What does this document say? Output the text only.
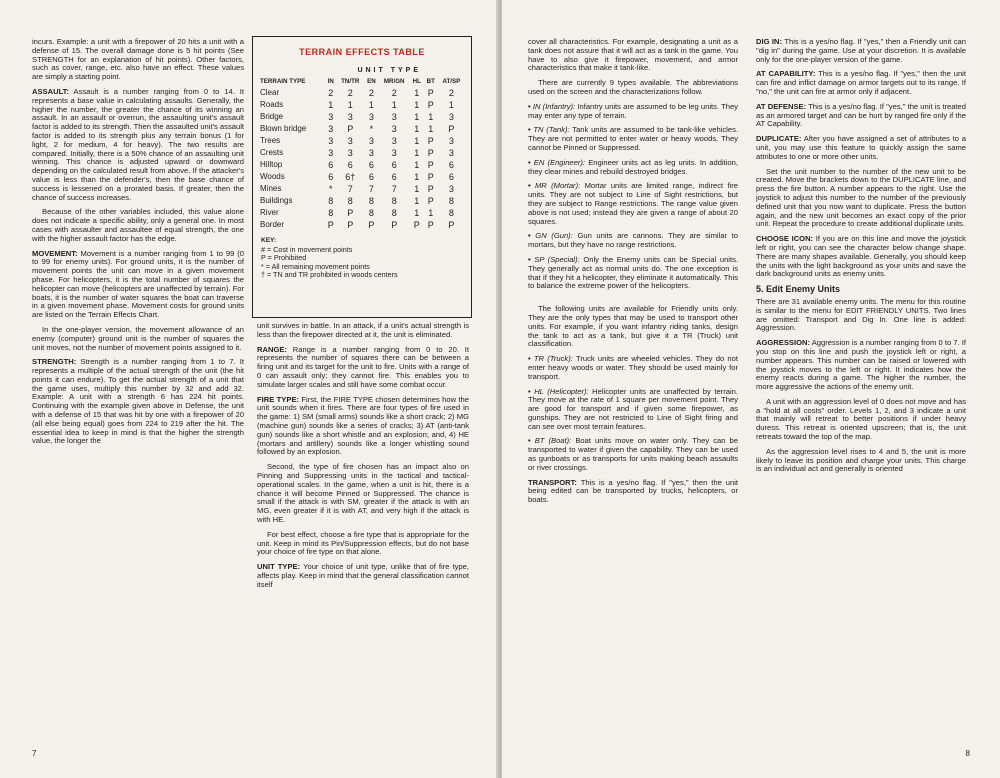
incurs. Example: a unit with a firepower of 20 hits a unit with a defense of 15. The overall damage done is 5 hit points (See STRENGTH for an explanation of hit points). Other factors, such as cover, range, etc. also have an effect. These values are simply a starting point.

ASSAULT: Assault is a number ranging from 0 to 14. It represents a base value in calculating assaults. Generally, the higher the number, the greater the chance of its winning an assault. In an assault or overrun, the assaulting unit's assault factor is added to its strength. Then the assaulted unit's assault factor is added to its strength plus any terrain bonus (1 for light, 2 for medium, 4 for heavy). The two results are compared. Initially, there is a 50% chance of an assaulting unit winning. This chance is adjusted upward or downward depending on the calculated result from above. If the attacker's value is less than the defender's, then the base chance of success is lessened on a prorated basis. If greater, then the chance of success increases.

Because of the other variables included, this value alone does not indicate a specific ability, only a general one. In most cases with assaulter and assaultee of equal strength, the one with the higher assault factor has the edge.

MOVEMENT: Movement is a number ranging from 1 to 99 (0 to 99 for enemy units). For ground units, it is the number of movement points the unit can move in a given movement phase. For helicopters, it is the total number of squares the helicopter can move (helicopters are unaffected by terrain). For boats, it is the number of water squares the boat can traverse in a given movement phase. Movement costs for ground units are listed on the Terrain Effects Chart.

In the one-player version, the movement allowance of an enemy (computer) ground unit is the number of squares the unit moves, not the number of movement points assigned to it.

STRENGTH: Strength is a number ranging from 1 to 7. It represents a multiple of the actual strength of the unit (the hit points it can endure). To get the actual strength of a unit that the game uses, multiply this number by 32 and add 32. Example: A unit with a strength 6 has 224 hit points. Continuing with the example given above in Defense, the unit with a defense of 15 that was hit by one with a firepower of 20 (all else being equal) goes from 224 to 219 after the hit. The essential idea to keep in mind is that the higher the strength value, the longer the

TERRAIN EFFECTS TABLE
UNIT TYPE
TERRAIN TYPE	IN	TN/TR	EN	MR/GN	HL	BT	AT/SP
Clear	2	2	2	2	1	P	2
Roads	1	1	1	1	1	P	1
Bridge	3	3	3	3	1	1	3
Blown bridge	3	P	*	3	1	1	P
Trees	3	3	3	3	1	P	3
Crests	3	3	3	3	1	P	3
Hilltop	6	6	6	6	1	P	6
Woods	6	6†	6	6	1	P	6
Mines	*	7	7	7	1	P	3
Buildings	8	8	8	8	1	P	8
River	8	P	8	8	1	1	8
Border	P	P	P	P	P	P	P
KEY:
# = Cost in movement points
P = Prohibited
* = All remaining movement points
† = TN and TR prohibited in woods centers

unit survives in battle. In an attack, if a unit's actual strength is less than the firepower directed at it, the unit is eliminated.

RANGE: Range is a number ranging from 0 to 20. It represents the number of squares there can be between a firing unit and its target for the unit to fire. Units with a range of 0 can assault only; they cannot fire. This enables you to simulate larger scales and still have some combat occur.

FIRE TYPE: First, the FIRE TYPE chosen determines how the unit sounds when it fires. There are four types of fire used in the game: 1) SM (small arms) sounds like a short crack; 2) MG (machine gun) sounds like a series of cracks; 3) AT (anti-tank gun) sounds like a short whistle and an explosion; and, 4) HE (mortars and artillery) sounds like a longer whistling sound followed by an explosion.

Second, the type of fire chosen has an impact also on Pinning and Suppressing units in the tactical and tactical-operational scales. In the game, when a unit is hit, there is a chance it will become Pinned or Suppressed. The chance is small if the attack is with SM, greater if the attack is with an MG, even greater if it is with AT, and very high if the attack is with HE.

For best effect, choose a fire type that is appropriate for the unit. Keep in mind its Pin/Suppression effects, but do not base your choice of fire type on that alone.

UNIT TYPE: Your choice of unit type, unlike that of fire type, affects play. Keep in mind that the general classification cannot itself

7

cover all characteristics. For example, designating a unit as a tank does not assure that it will act as a tank in the game. You have to also give it firepower, movement, and armor characteristics that make it tank-like.

There are currently 9 types available. The abbreviations used on the screen and the characterizations follow.

• IN (Infantry): Infantry units are assumed to be leg units. They may enter any type of terrain.

• TN (Tank): Tank units are assumed to be tank-like vehicles. They are not permitted to enter water or heavy woods. They cannot be Pinned or Suppressed.

• EN (Engineer): Engineer units act as leg units. In addition, they clear mines and rebuild destroyed bridges.

• MR (Mortar): Mortar units are limited range, indirect fire units. They are not subject to Line of Sight restrictions, but they are subject to Range restrictions. The range value given above is not used; instead they are given a range of about 20 squares.

• GN (Gun): Gun units are cannons. They are similar to mortars, but they have no range restrictions.

• SP (Special): Only the Enemy units can be Special units. They generally act as normal units do. The one exception is that if they hit a helicopter, they eliminate it automatically. This to balance the extreme power of the helicopters.

The following units are available for Friendly units only. They are the only types that may be used to transport other units. For example, if you want infantry riding tanks, design the tank to act as a tank, but give it a TR (Truck) unit classification.

• TR (Truck): Truck units are wheeled vehicles. They do not enter heavy woods or water. They should be used mainly for transport.

• HL (Helicopter): Helicopter units are unaffected by terrain. They move at the rate of 1 square per movement point. They are good for transport and if given some firepower, as gunships. They are not restricted to Line of Sight firing and can see over most terrain features.

• BT (Boat): Boat units move on water only. They can be transported to water if given the capability. They can be used as gunboats or as transports for units making beach assaults or river crossings.

TRANSPORT: This is a yes/no flag. If "yes," then the unit being edited can be transported by trucks, helicopters, or boats.

DIG IN: This is a yes/no flag. If "yes," then a Friendly unit can "dig in" during the game. Use at your discretion. It is available only for the one-player version of the game.

AT CAPABILITY: This is a yes/no flag. If "yes," then the unit can fire and inflict damage on armor targets out to its range. If "no," the unit can fire at armor only if adjacent.

AT DEFENSE: This is a yes/no flag. If "yes," the unit is treated as an armored target and can be hurt by ranged fire only if the AT Capability.

DUPLICATE: After you have assigned a set of attributes to a unit, you may use this feature to quickly assign the same attributes to one or more other units.

Set the unit number to the number of the new unit to be created. Move the brackets down to the DUPLICATE line, and press the fire button. A number appears to the right. Use the joystick to adjust this number to the number of the previously defined unit that you now want to duplicate. Press the button again, and the new unit becomes an exact copy of the prior unit. Repeat the procedure to create additional duplicate units.

CHOOSE ICON: If you are on this line and move the joystick left or right, you can see the character below change shape. There are many shapes available. Generally, you should keep the units with the light background as your units and save the dark background units as enemy units.

5. Edit Enemy Units

There are 31 available enemy units. The menu for this routine is similar to the menu for EDIT FRIENDLY UNITS. Two lines are omitted: Transport and Dig In. One line is added: Aggression.

AGGRESSION: Aggression is a number ranging from 0 to 7. If you stop on this line and push the joystick left or right, a number appears. This number can be raised or lowered with the joystick moves to the left or right. It indicates how the enemy reacts during a game. The higher the number, the more aggressive the actions of the enemy unit.

A unit with an aggression level of 0 does not move and has a "hold at all costs" order. Levels 1, 2, and 3 indicate a unit that mainly will retreat to better positions if under heavy duress. This retreat is oriented upscreen; that is, the unit retreats toward the top of the map.

As the aggression level rises to 4 and 5, the unit is more likely to leave its position and charge your units. This charge is an individual act and generally is oriented

8
